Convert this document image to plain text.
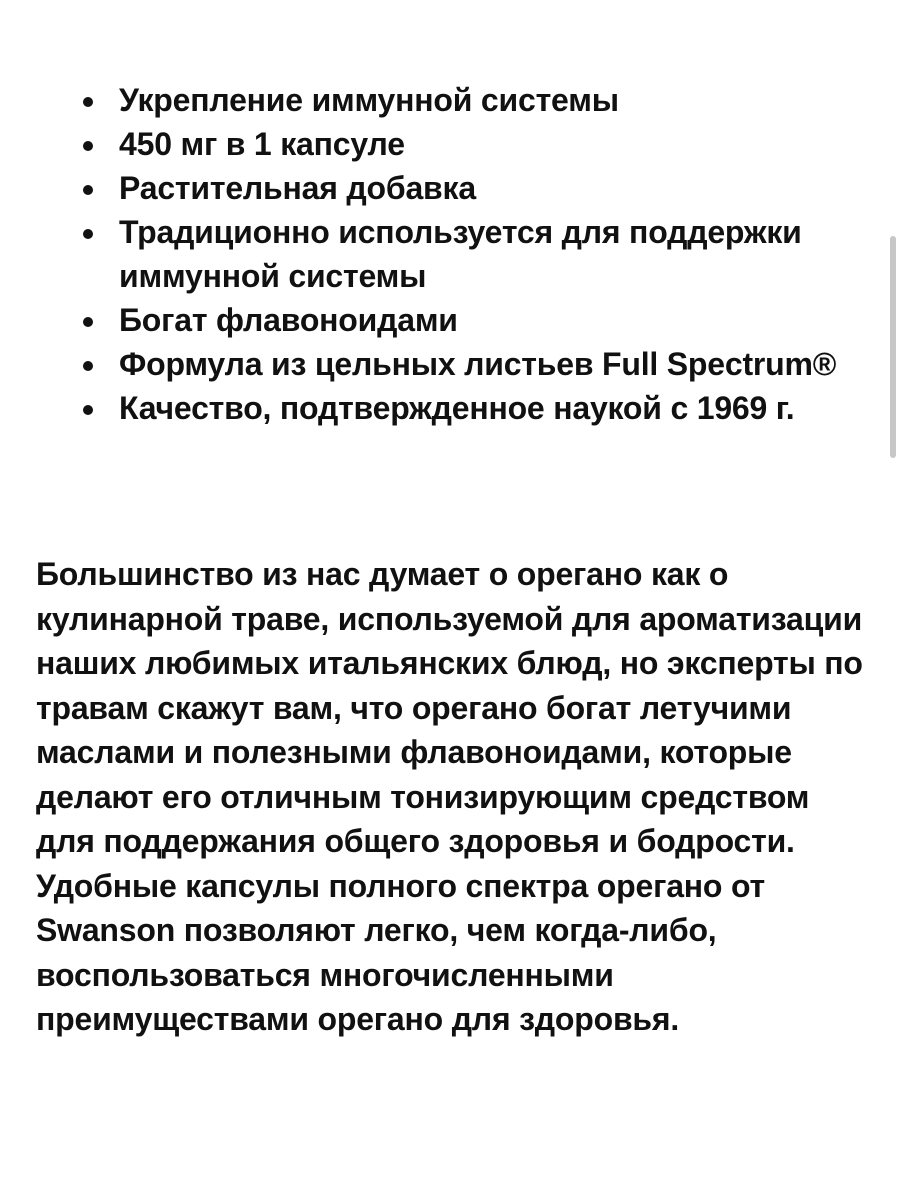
Укрепление иммунной системы
450 мг в 1 капсуле
Растительная добавка
Традиционно используется для поддержки иммунной системы
Богат флавоноидами
Формула из цельных листьев Full Spectrum®
Качество, подтвержденное наукой с 1969 г.

Большинство из нас думает о орегано как о кулинарной траве, используемой для ароматизации наших любимых итальянских блюд, но эксперты по травам скажут вам, что орегано богат летучими маслами и полезными флавоноидами, которые делают его отличным тонизирующим средством для поддержания общего здоровья и бодрости. Удобные капсулы полного спектра орегано от Swanson позволяют легко, чем когда-либо, воспользоваться многочисленными преимуществами орегано для здоровья.
